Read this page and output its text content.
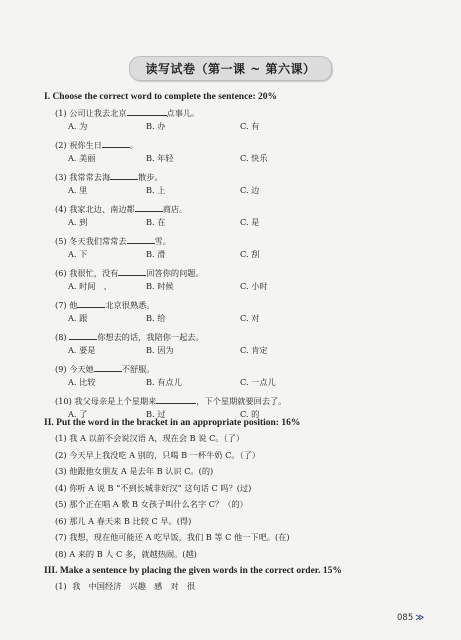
读写试卷（第一课 ~ 第六课）
I. Choose the correct word to complete the sentence: 20%
(1) 公司让我去北京	点事儿。
A. 为	B. 办	C. 有
(2) 祝你生日	。
A. 美丽	B. 年轻	C. 快乐
(3) 我常常去海	散步。
A. 里	B. 上	C. 边
(4) 我家北边、南边都	商店。
A. 到	B. 在	C. 是
(5) 冬天我们常常去	雪。
A. 下	B. 滑	C. 刮
(6) 我很忙，没有	回答你的问题。
A. 时间　、	B. 时候	C. 小时
(7) 他	北京很熟悉。
A. 跟	B. 给	C. 对
(8)	你想去的话，我陪你一起去。
A. 要是	B. 因为	C. 肯定
(9) 今天她	不舒服。
A. 比较	B. 有点儿	C. 一点儿
(10) 我父母亲是上个星期来	，下个星期就要回去了。
A. 了	B. 过	C. 的
II. Put the word in the bracket in an appropriate position: 16%
(1) 我 A 以前不会说汉语 A，现在会 B 说 C。（了）
(2) 今天早上我没吃 A 别的，只喝 B 一杯牛奶 C。（了）
(3) 他跟他女朋友 A 是去年 B 认识 C。(的)
(4) 你听 A 说 B “不到长城非好汉” 这句话 C 吗？(过)
(5) 那个正在唱 A 歌 B 女孩子叫什么名字 C？（的）
(6) 那儿 A 春天来 B 比较 C 早。(得)
(7) 我想，现在他可能还 A 吃早饭，我们 B 等 C 他一下吧。(在)
(8) A 来的 B 人 C 多，就越热闹。(越)
III. Make a sentence by placing the given words in the correct order. 15%
(1) 我　中国经济　兴趣　感　对　很
085 ≫
